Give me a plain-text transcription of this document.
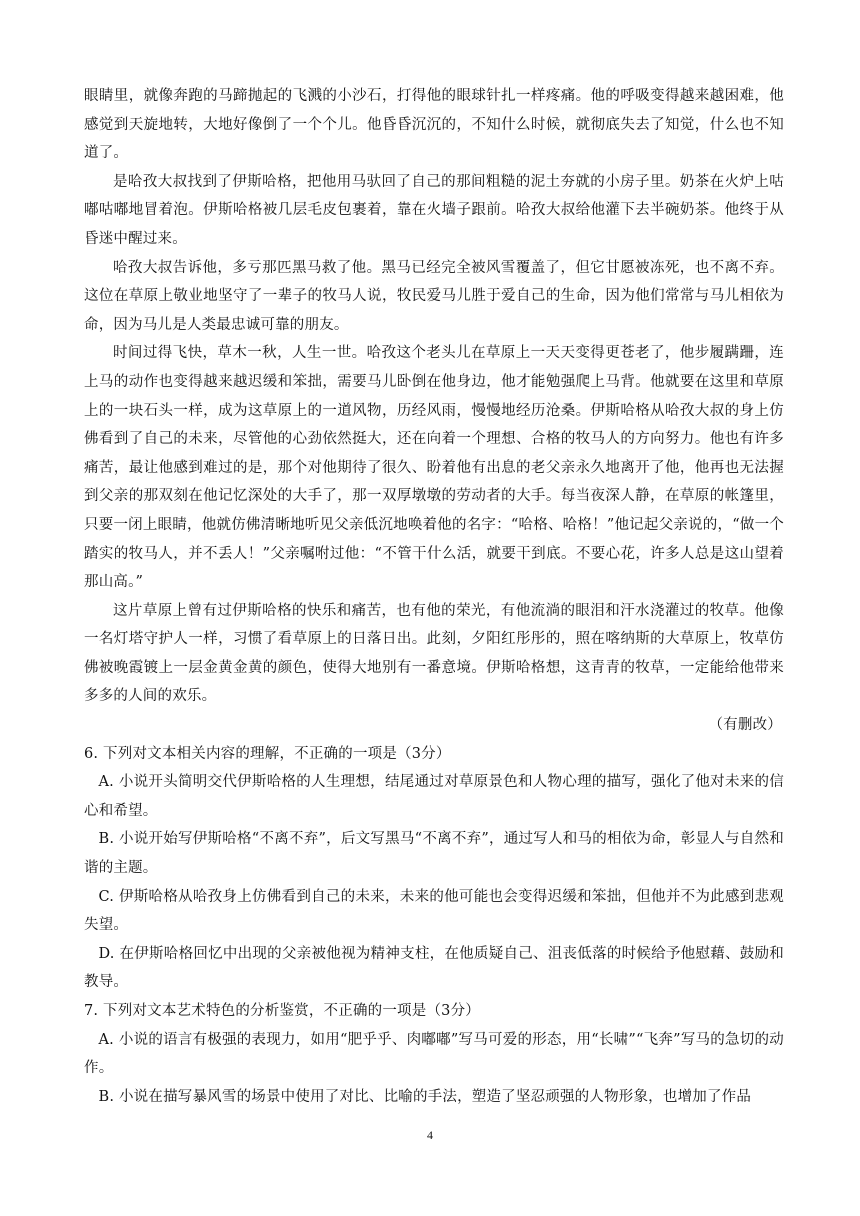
眼睛里，就像奔跑的马蹄抛起的飞溅的小沙石，打得他的眼球针扎一样疼痛。他的呼吸变得越来越困难，他感觉到天旋地转，大地好像倒了一个个儿。他昏昏沉沉的，不知什么时候，就彻底失去了知觉，什么也不知道了。

是哈孜大叔找到了伊斯哈格，把他用马驮回了自己的那间粗糙的泥土夯就的小房子里。奶茶在火炉上咕嘟咕嘟地冒着泡。伊斯哈格被几层毛皮包裹着，靠在火墙子跟前。哈孜大叔给他灌下去半碗奶茶。他终于从昏迷中醒过来。

哈孜大叔告诉他，多亏那匹黑马救了他。黑马已经完全被风雪覆盖了，但它甘愿被冻死，也不离不弃。这位在草原上敬业地坚守了一辈子的牧马人说，牧民爱马儿胜于爱自己的生命，因为他们常常与马儿相依为命，因为马儿是人类最忠诚可靠的朋友。

时间过得飞快，草木一秋，人生一世。哈孜这个老头儿在草原上一天天变得更苍老了，他步履蹒跚，连上马的动作也变得越来越迟缓和笨拙，需要马儿卧倒在他身边，他才能勉强爬上马背。他就要在这里和草原上的一块石头一样，成为这草原上的一道风物，历经风雨，慢慢地经历沧桑。伊斯哈格从哈孜大叔的身上仿佛看到了自己的未来，尽管他的心劲依然挺大，还在向着一个理想、合格的牧马人的方向努力。他也有许多痛苦，最让他感到难过的是，那个对他期待了很久、盼着他有出息的老父亲永久地离开了他，他再也无法握到父亲的那双刻在他记忆深处的大手了，那一双厚墩墩的劳动者的大手。每当夜深人静，在草原的帐篷里，只要一闭上眼睛，他就仿佛清晰地听见父亲低沉地唤着他的名字：“哈格、哈格！”他记起父亲说的，“做一个踏实的牧马人，并不丢人！”父亲嘱咐过他：“不管干什么活，就要干到底。不要心花，许多人总是这山望着那山高。”

这片草原上曾有过伊斯哈格的快乐和痛苦，也有他的荣光，有他流淌的眼泪和汗水浇灌过的牧草。他像一名灯塔守护人一样，习惯了看草原上的日落日出。此刻，夕阳红彤彤的，照在喀纳斯的大草原上，牧草仿佛被晚霞镀上一层金黄金黄的颜色，使得大地别有一番意境。伊斯哈格想，这青青的牧草，一定能给他带来多多的人间的欢乐。

（有删改）

6. 下列对文本相关内容的理解，不正确的一项是（3分）

A. 小说开头简明交代伊斯哈格的人生理想，结尾通过对草原景色和人物心理的描写，强化了他对未来的信心和希望。

B. 小说开始写伊斯哈格“不离不弃”，后文写黑马“不离不弃”，通过写人和马的相依为命，彰显人与自然和谐的主题。

C. 伊斯哈格从哈孜身上仿佛看到自己的未来，未来的他可能也会变得迟缓和笨拙，但他并不为此感到悲观失望。

D. 在伊斯哈格回忆中出现的父亲被他视为精神支柱，在他质疑自己、沮丧低落的时候给予他慰藉、鼓励和教导。

7. 下列对文本艺术特色的分析鉴赏，不正确的一项是（3分）

A. 小说的语言有极强的表现力，如用“肥乎乎、肉嘟嘟”写马可爱的形态，用“长啸”“飞奔”写马的急切的动作。

B. 小说在描写暴风雪的场景中使用了对比、比喻的手法，塑造了坚忍顽强的人物形象，也增加了作品

4
